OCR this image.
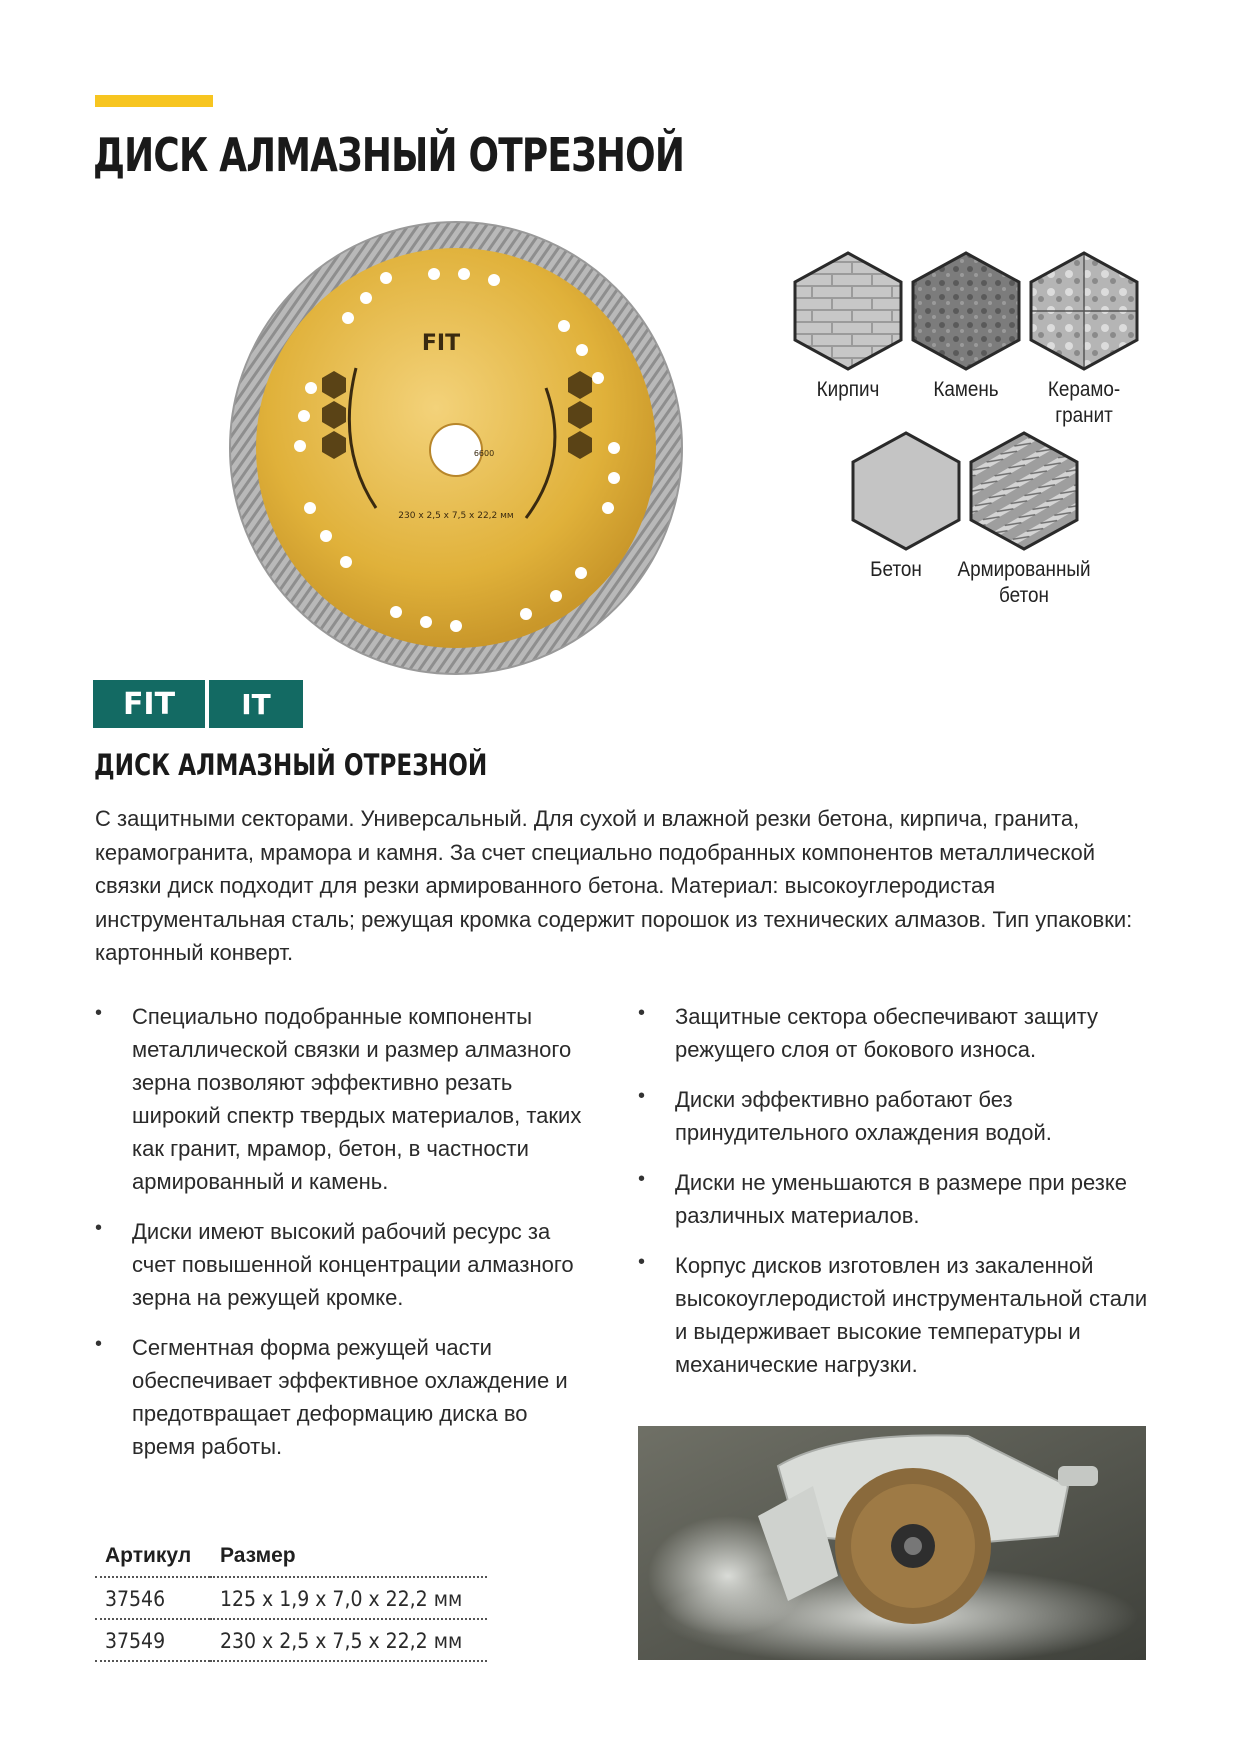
ДИСК АЛМАЗНЫЙ ОТРЕЗНОЙ
FIT
230 x 2,5 x 7,5 x 22,2 мм
6600
Кирпич	Камень	Керамо-
гранит
Бетон	Армированный
бетон
FIT	IT
ДИСК АЛМАЗНЫЙ ОТРЕЗНОЙ

С защитными секторами. Универсальный. Для сухой и влажной резки бетона, кирпича, гранита, керамогранита, мрамора и камня. За счет специально подобранных компонентов металлической связки диск подходит для резки армированного бетона. Материал: высокоуглеродистая инструментальная сталь; режущая кромка содержит порошок из технических алмазов. Тип упаковки: картонный конверт.

• Специально подобранные компоненты металлической связки и размер алмазного зерна позволяют эффективно резать широкий спектр твердых материалов, таких как гранит, мрамор, бетон, в частности армированный и камень.
• Диски имеют высокий рабочий ресурс за счет повышенной концентрации алмазного зерна на режущей кромке.
• Сегментная форма режущей части обеспечивает эффективное охлаждение и предотвращает деформацию диска во время работы.
• Защитные сектора обеспечивают защиту режущего слоя от бокового износа.
• Диски эффективно работают без принудительного охлаждения водой.
• Диски не уменьшаются в размере при резке различных материалов.
• Корпус дисков изготовлен из закаленной высокоуглеродистой инструментальной стали и выдерживает высокие температуры и механические нагрузки.
Артикул	Размер
37546	125 x 1,9 x 7,0 x 22,2 мм
37549	230 x 2,5 x 7,5 x 22,2 мм
